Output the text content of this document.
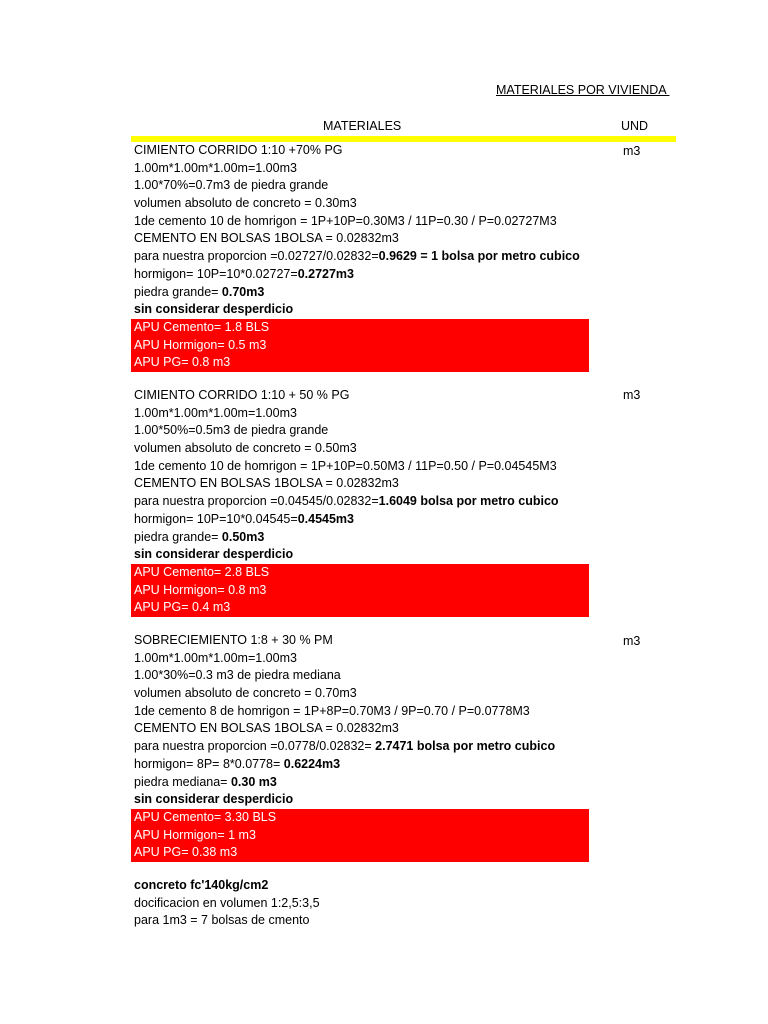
MATERIALES POR VIVIENDA
MATERIALES	UND
m3
CIMIENTO CORRIDO 1:10 +70% PG
1.00m*1.00m*1.00m=1.00m3
1.00*70%=0.7m3 de piedra grande
volumen absoluto de concreto = 0.30m3
1de cemento 10 de homrigon = 1P+10P=0.30M3 / 11P=0.30 / P=0.02727M3
CEMENTO EN BOLSAS 1BOLSA = 0.02832m3
para nuestra proporcion =0.02727/0.02832=0.9629 = 1 bolsa por metro cubico
hormigon= 10P=10*0.02727=0.2727m3
piedra grande= 0.70m3
sin considerar desperdicio
APU Cemento= 1.8 BLS
APU Hormigon= 0.5 m3
APU PG= 0.8 m3
m3
CIMIENTO CORRIDO 1:10 + 50 % PG
1.00m*1.00m*1.00m=1.00m3
1.00*50%=0.5m3 de piedra grande
volumen absoluto de concreto = 0.50m3
1de cemento 10 de homrigon = 1P+10P=0.50M3 / 11P=0.50 / P=0.04545M3
CEMENTO EN BOLSAS 1BOLSA = 0.02832m3
para nuestra proporcion =0.04545/0.02832=1.6049 bolsa por metro cubico
hormigon= 10P=10*0.04545=0.4545m3
piedra grande= 0.50m3
sin considerar desperdicio
APU Cemento= 2.8 BLS
APU Hormigon= 0.8 m3
APU PG= 0.4 m3
m3
SOBRECIEMIENTO 1:8 + 30 % PM
1.00m*1.00m*1.00m=1.00m3
1.00*30%=0.3 m3 de piedra mediana
volumen absoluto de concreto = 0.70m3
1de cemento 8 de homrigon = 1P+8P=0.70M3 / 9P=0.70 / P=0.0778M3
CEMENTO EN BOLSAS 1BOLSA = 0.02832m3
para nuestra proporcion =0.0778/0.02832= 2.7471 bolsa por metro cubico
hormigon= 8P= 8*0.0778= 0.6224m3
piedra mediana= 0.30 m3
sin considerar desperdicio
APU Cemento= 3.30 BLS
APU Hormigon= 1 m3
APU PG= 0.38 m3
concreto fc'140kg/cm2
docificacion en volumen 1:2,5:3,5
para 1m3 = 7 bolsas de cmento
